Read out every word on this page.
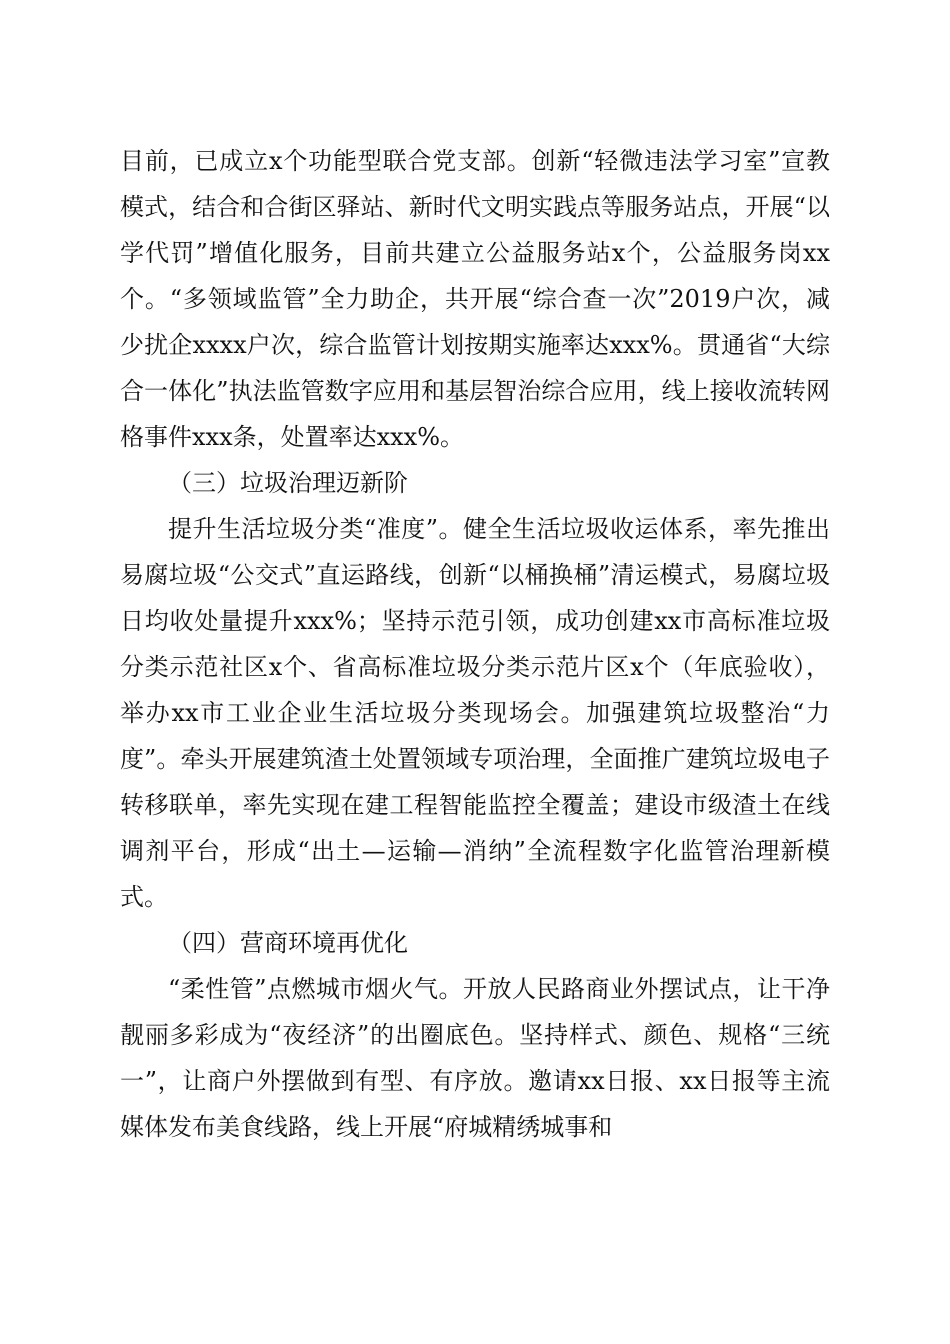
目前，已成立x个功能型联合党支部。创新“轻微违法学习室”宣教模式，结合和合街区驿站、新时代文明实践点等服务站点，开展“以学代罚”增值化服务，目前共建立公益服务站x个，公益服务岗xx个。“多领域监管”全力助企，共开展“综合查一次”2019户次，减少扰企xxxx户次，综合监管计划按期实施率达xxx%。贯通省“大综合一体化”执法监管数字应用和基层智治综合应用，线上接收流转网格事件xxx条，处置率达xxx%。

（三）垃圾治理迈新阶

提升生活垃圾分类“准度”。健全生活垃圾收运体系，率先推出易腐垃圾“公交式”直运路线，创新“以桶换桶”清运模式，易腐垃圾日均收处量提升xxx%；坚持示范引领，成功创建xx市高标准垃圾分类示范社区x个、省高标准垃圾分类示范片区x个（年底验收），举办xx市工业企业生活垃圾分类现场会。加强建筑垃圾整治“力度”。牵头开展建筑渣土处置领域专项治理，全面推广建筑垃圾电子转移联单，率先实现在建工程智能监控全覆盖；建设市级渣土在线调剂平台，形成“出土—运输—消纳”全流程数字化监管治理新模式。

（四）营商环境再优化

“柔性管”点燃城市烟火气。开放人民路商业外摆试点，让干净靓丽多彩成为“夜经济”的出圈底色。坚持样式、颜色、规格“三统一”，让商户外摆做到有型、有序放。邀请xx日报、xx日报等主流媒体发布美食线路，线上开展“府城精绣城事和
